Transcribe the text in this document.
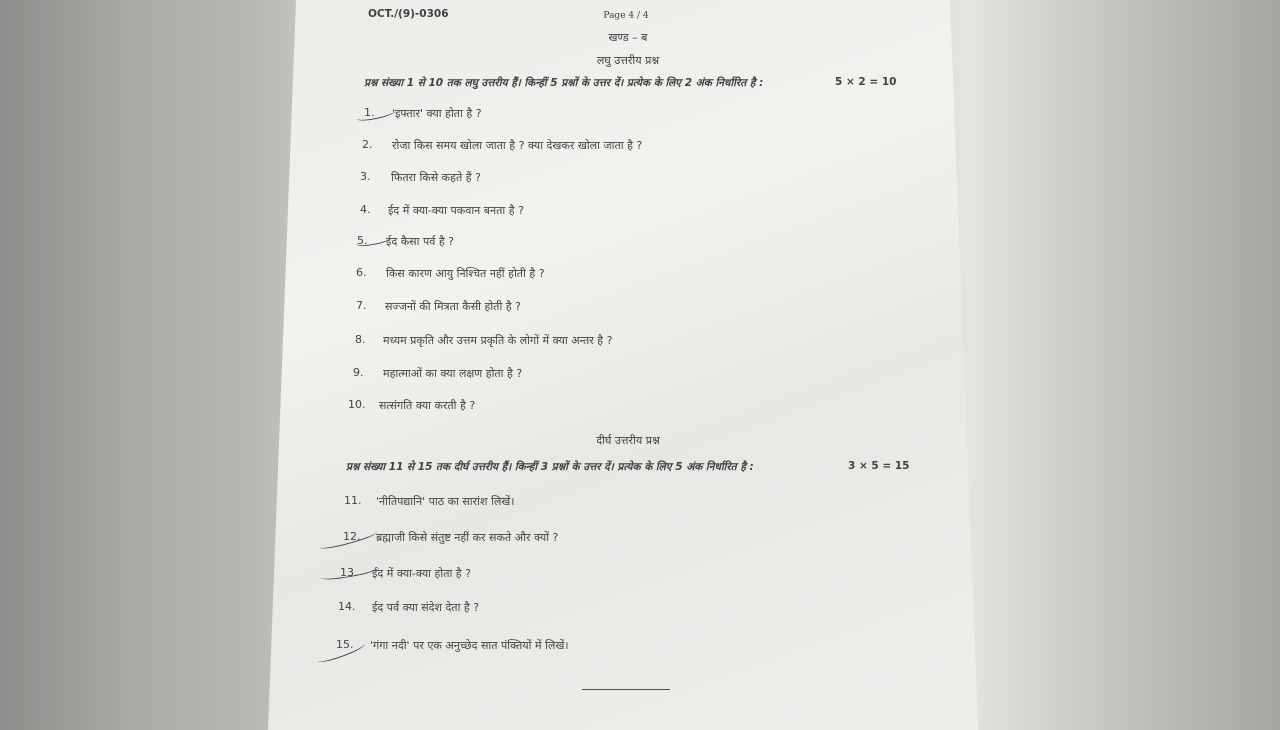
OCT./(9)-0306	Page 4 / 4
खण्ड – ब
लघु उत्तरीय प्रश्न
प्रश्न संख्या 1 से 10 तक लघु उत्तरीय हैं। किन्हीं 5 प्रश्नों के उत्तर दें। प्रत्येक के लिए 2 अंक निर्धारित है :	5 × 2 = 10
1. 'इफ्तार' क्या होता है ?
2. रोजा किस समय खोला जाता है ? क्या देखकर खोला जाता है ?
3. फितरा किसे कहते हैं ?
4. ईद में क्या-क्या पकवान बनता है ?
5. ईद कैसा पर्व है ?
6. किस कारण आयु निश्चित नहीं होती है ?
7. सज्जनों की मित्रता कैसी होती है ?
8. मध्यम प्रकृति और उत्तम प्रकृति के लोगों में क्या अन्तर है ?
9. महात्माओं का क्या लक्षण होता है ?
10. सत्संगति क्या करती है ?
दीर्घ उत्तरीय प्रश्न
प्रश्न संख्या 11 से 15 तक दीर्घ उत्तरीय हैं। किन्हीं 3 प्रश्नों के उत्तर दें। प्रत्येक के लिए 5 अंक निर्धारित है :	3 × 5 = 15
11. 'नीतिपद्यानि' पाठ का सारांश लिखें।
12. ब्रह्माजी किसे संतुष्ट नहीं कर सकते और क्यों ?
13. ईद में क्या-क्या होता है ?
14. ईद पर्व क्या संदेश देता है ?
15. 'गंगा नदी' पर एक अनुच्छेद सात पंक्तियों में लिखें।
